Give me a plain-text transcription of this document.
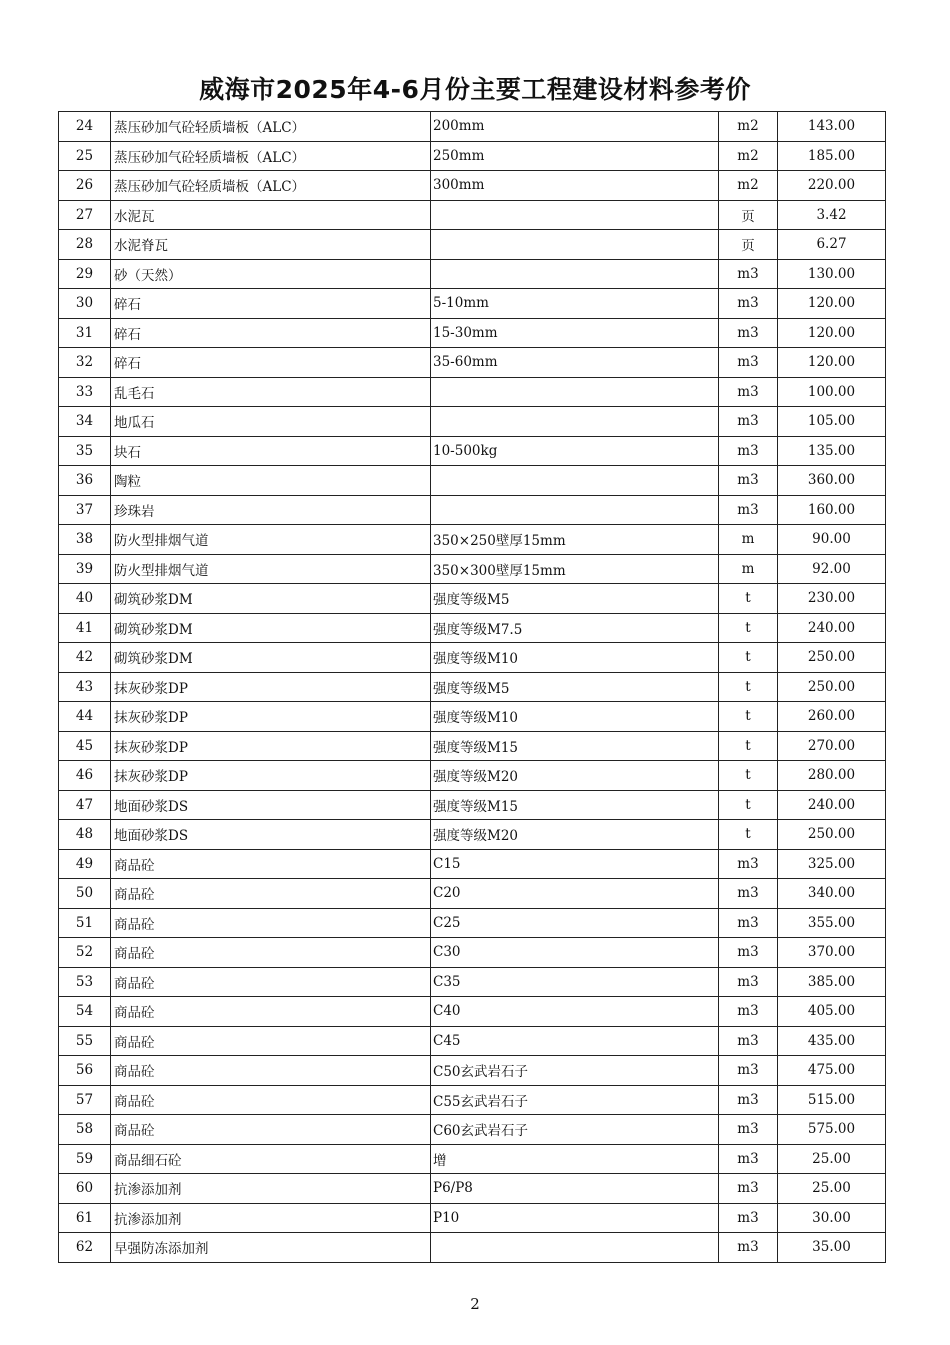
威海市2025年4-6月份主要工程建设材料参考价
24	蒸压砂加气砼轻质墙板（ALC）	200mm	m2	143.00
25	蒸压砂加气砼轻质墙板（ALC）	250mm	m2	185.00
26	蒸压砂加气砼轻质墙板（ALC）	300mm	m2	220.00
27	水泥瓦		页	3.42
28	水泥脊瓦		页	6.27
29	砂（天然）		m3	130.00
30	碎石	5-10mm	m3	120.00
31	碎石	15-30mm	m3	120.00
32	碎石	35-60mm	m3	120.00
33	乱毛石		m3	100.00
34	地瓜石		m3	105.00
35	块石	10-500kg	m3	135.00
36	陶粒		m3	360.00
37	珍珠岩		m3	160.00
38	防火型排烟气道	350×250壁厚15mm	m	90.00
39	防火型排烟气道	350×300壁厚15mm	m	92.00
40	砌筑砂浆DM	强度等级M5	t	230.00
41	砌筑砂浆DM	强度等级M7.5	t	240.00
42	砌筑砂浆DM	强度等级M10	t	250.00
43	抹灰砂浆DP	强度等级M5	t	250.00
44	抹灰砂浆DP	强度等级M10	t	260.00
45	抹灰砂浆DP	强度等级M15	t	270.00
46	抹灰砂浆DP	强度等级M20	t	280.00
47	地面砂浆DS	强度等级M15	t	240.00
48	地面砂浆DS	强度等级M20	t	250.00
49	商品砼	C15	m3	325.00
50	商品砼	C20	m3	340.00
51	商品砼	C25	m3	355.00
52	商品砼	C30	m3	370.00
53	商品砼	C35	m3	385.00
54	商品砼	C40	m3	405.00
55	商品砼	C45	m3	435.00
56	商品砼	C50玄武岩石子	m3	475.00
57	商品砼	C55玄武岩石子	m3	515.00
58	商品砼	C60玄武岩石子	m3	575.00
59	商品细石砼	增	m3	25.00
60	抗渗添加剂	P6/P8	m3	25.00
61	抗渗添加剂	P10	m3	30.00
62	早强防冻添加剂		m3	35.00
2
